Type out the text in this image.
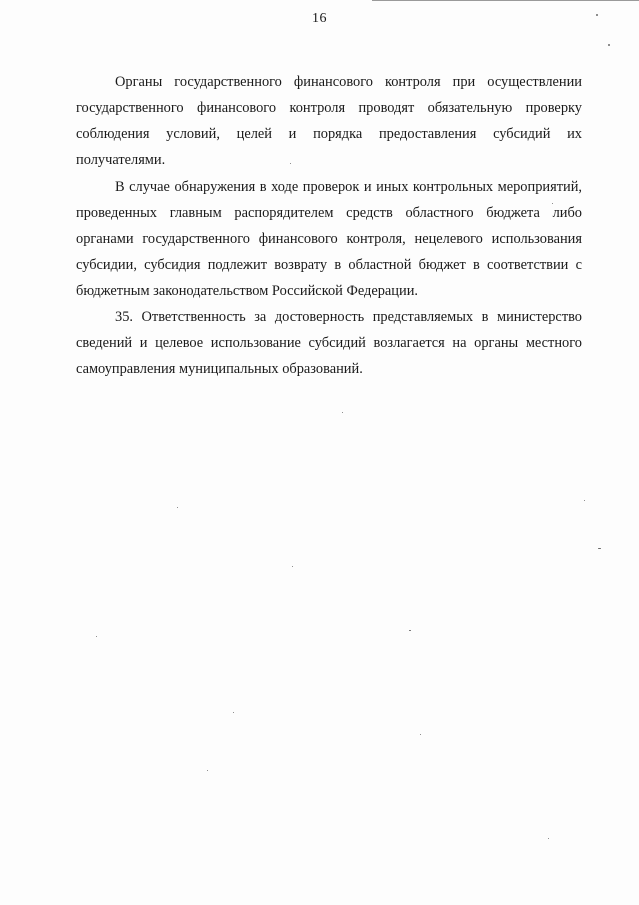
16

Органы государственного финансового контроля при осуществлении государственного финансового контроля проводят обязательную проверку соблюдения условий, целей и порядка предоставления субсидий их получателями.

В случае обнаружения в ходе проверок и иных контрольных мероприятий, проведенных главным распорядителем средств областного бюджета либо органами государственного финансового контроля, нецелевого использования субсидии, субсидия подлежит возврату в областной бюджет в соответствии с бюджетным законодательством Российской Федерации.

35. Ответственность за достоверность представляемых в министерство сведений и целевое использование субсидий возлагается на органы местного самоуправления муниципальных образований.
